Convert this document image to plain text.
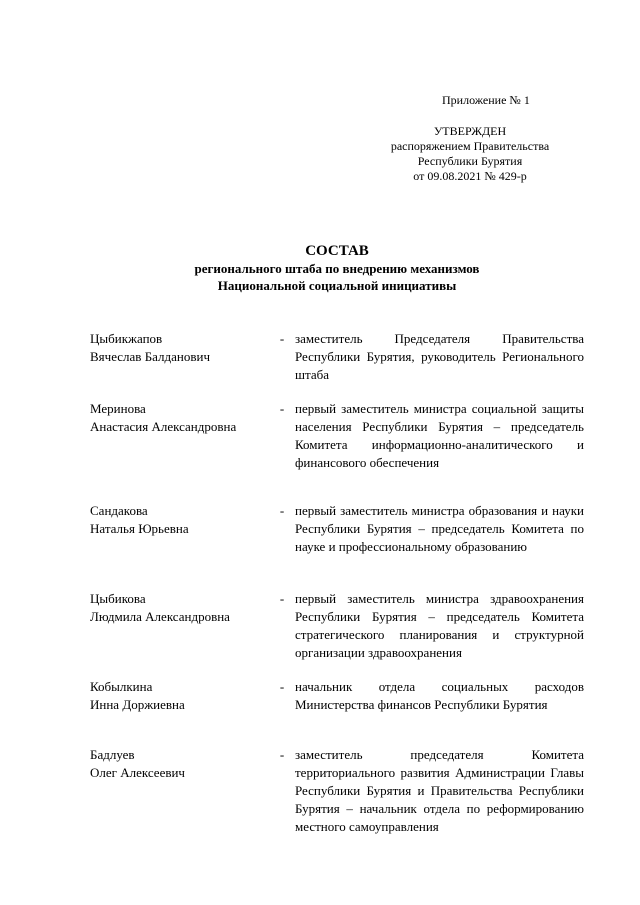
Приложение № 1
УТВЕРЖДЕН
распоряжением Правительства
Республики Бурятия
от 09.08.2021 № 429-р
СОСТАВ
регионального штаба по внедрению механизмов
Национальной социальной инициативы
Цыбикжапов
Вячеслав Балданович
- заместитель Председателя Правительства Республики Бурятия, руководитель Регионального штаба
Меринова
Анастасия Александровна
- первый заместитель министра социальной защиты населения Республики Бурятия – председатель Комитета информационно-аналитического и финансового обеспечения
Сандакова
Наталья Юрьевна
- первый заместитель министра образования и науки Республики Бурятия – председатель Комитета по науке и профессиональному образованию
Цыбикова
Людмила Александровна
- первый заместитель министра здравоохранения Республики Бурятия – председатель Комитета стратегического планирования и структурной организации здравоохранения
Кобылкина
Инна Доржиевна
- начальник отдела социальных расходов Министерства финансов Республики Бурятия
Бадлуев
Олег Алексеевич
- заместитель председателя Комитета территориального развития Администрации Главы Республики Бурятия и Правительства Республики Бурятия – начальник отдела по реформированию местного самоуправления
